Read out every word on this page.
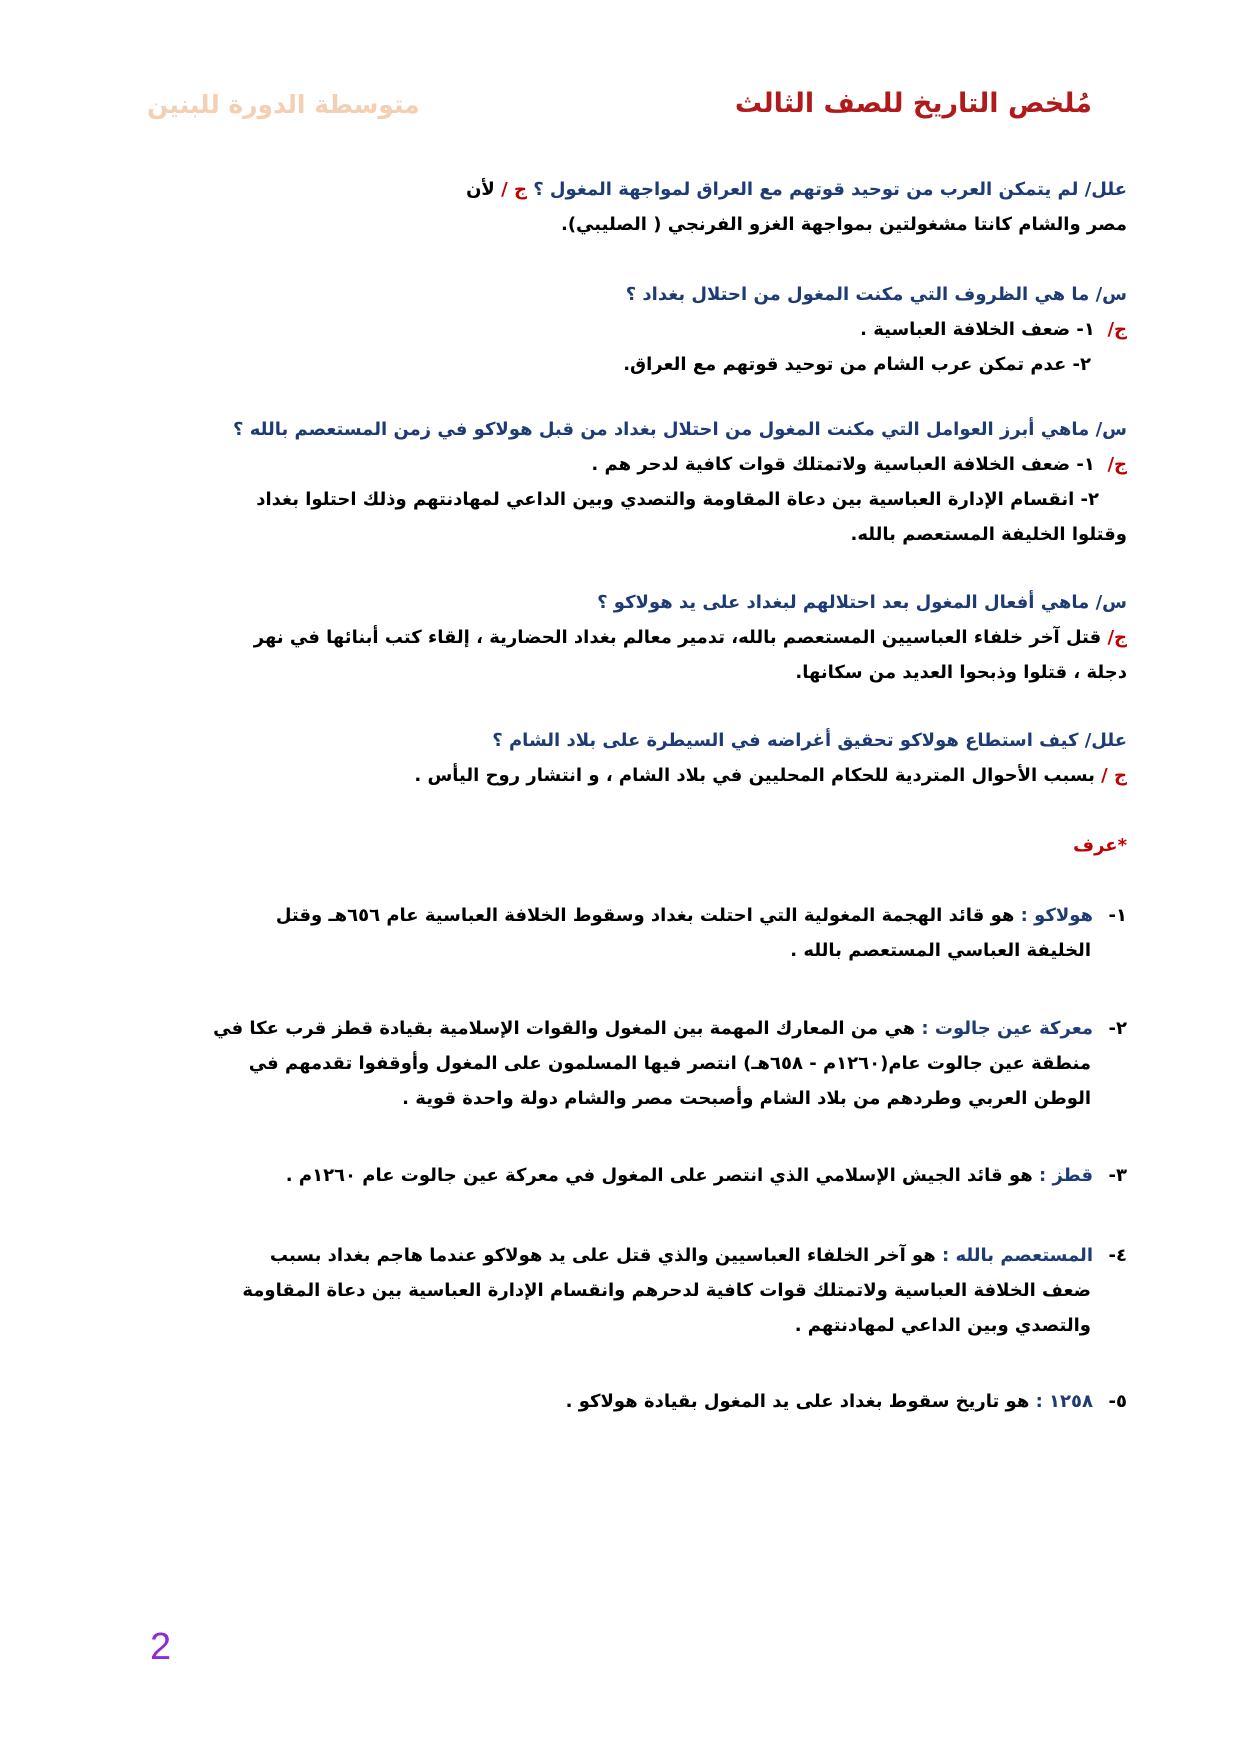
متوسطة الدورة للبنين	مُلخص التاريخ للصف الثالث
علل/ لم يتمكن العرب من توحيد قوتهم مع العراق لمواجهة المغول ؟ ج / لأن
مصر والشام كانتا مشغولتين بمواجهة الغزو الفرنجي ( الصليبي).
س/ ما هي الظروف التي مكنت المغول من احتلال بغداد ؟
ج/  ١- ضعف الخلافة العباسية .
٢- عدم تمكن عرب الشام من توحيد قوتهم مع العراق.
س/ ماهي أبرز العوامل التي مكنت المغول من احتلال بغداد من قبل هولاكو في زمن المستعصم بالله ؟
ج/  ١- ضعف الخلافة العباسية ولاتمتلك قوات كافية لدحر هم .
٢- انقسام الإدارة العباسية بين دعاة المقاومة والتصدي وبين الداعي لمهادنتهم وذلك احتلوا بغداد
وقتلوا الخليفة المستعصم بالله.
س/ ماهي أفعال المغول بعد احتلالهم لبغداد على يد هولاكو ؟
ج/ قتل آخر خلفاء العباسيين المستعصم بالله، تدمير معالم بغداد الحضارية ، إلقاء كتب أبنائها في نهر
دجلة ، قتلوا وذبحوا العديد من سكانها.
علل/ كيف استطاع هولاكو تحقيق أغراضه في السيطرة على بلاد الشام ؟
ج / بسبب الأحوال المتردية للحكام المحليين في بلاد الشام ، و انتشار روح اليأس .
*عرف
١-هولاكو : هو قائد الهجمة المغولية التي احتلت بغداد وسقوط الخلافة العباسية عام ٦٥٦هـ وقتل
الخليفة العباسي المستعصم بالله .
٢-معركة عين جالوت : هي من المعارك المهمة بين المغول والقوات الإسلامية بقيادة قطز قرب عكا في
منطقة عين جالوت عام(١٢٦٠م - ٦٥٨هـ) انتصر فيها المسلمون على المغول وأوقفوا تقدمهم في
الوطن العربي وطردهم من بلاد الشام وأصبحت مصر والشام دولة واحدة قوية .
٣-قطز : هو قائد الجيش الإسلامي الذي انتصر على المغول في معركة عين جالوت عام ١٢٦٠م .
٤-المستعصم بالله : هو آخر الخلفاء العباسيين والذي قتل على يد هولاكو عندما هاجم بغداد بسبب
ضعف الخلافة العباسية ولاتمتلك قوات كافية لدحرهم وانقسام الإدارة العباسية بين دعاة المقاومة
والتصدي وبين الداعي لمهادنتهم .
٥-١٢٥٨ : هو تاريخ سقوط بغداد على يد المغول بقيادة هولاكو .
2
